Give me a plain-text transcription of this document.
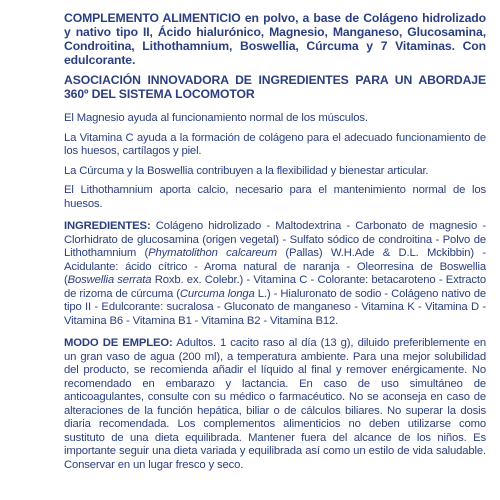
COMPLEMENTO ALIMENTICIO en polvo, a base de Colágeno hidrolizado y nativo tipo II, Ácido hialurónico, Magnesio, Manganeso, Glucosamina, Condroitina, Lithothamnium, Boswellia, Cúrcuma y 7 Vitaminas. Con edulcorante.
ASOCIACIÓN INNOVADORA DE INGREDIENTES PARA UN ABORDAJE 360º DEL SISTEMA LOCOMOTOR
El Magnesio ayuda al funcionamiento normal de los músculos.
La Vitamina C ayuda a la formación de colágeno para el adecuado funcionamiento de los huesos, cartílagos y piel.
La Cúrcuma y la Boswellia contribuyen a la flexibilidad y bienestar articular.
El Lithothamnium aporta calcio, necesario para el mantenimiento normal de los huesos.
INGREDIENTES: Colágeno hidrolizado - Maltodextrina - Carbonato de magnesio - Clorhidrato de glucosamina (origen vegetal) - Sulfato sódico de condroitina - Polvo de Lithothamnium (Phymatolithon calcareum (Pallas) W.H.Ade & D.L. Mckibbin) - Acidulante: ácido cítrico - Aroma natural de naranja - Oleorresina de Boswellia (Boswellia serrata Roxb. ex. Colebr.) - Vitamina C - Colorante: betacaroteno - Extracto de rizoma de cúrcuma (Curcuma longa L.) - Hialuronato de sodio - Colágeno nativo de tipo II - Edulcorante: sucralosa - Gluconato de manganeso - Vitamina K - Vitamina D - Vitamina B6 - Vitamina B1 - Vitamina B2 - Vitamina B12.
MODO DE EMPLEO: Adultos. 1 cacito raso al día (13 g), diluido preferiblemente en un gran vaso de agua (200 ml), a temperatura ambiente. Para una mejor solubilidad del producto, se recomienda añadir el líquido al final y remover enérgicamente. No recomendado en embarazo y lactancia. En caso de uso simultáneo de anticoagulantes, consulte con su médico o farmacéutico. No se aconseja en caso de alteraciones de la función hepática, biliar o de cálculos biliares. No superar la dosis diaria recomendada. Los complementos alimenticios no deben utilizarse como sustituto de una dieta equilibrada. Mantener fuera del alcance de los niños. Es importante seguir una dieta variada y equilibrada así como un estilo de vida saludable. Conservar en un lugar fresco y seco.
